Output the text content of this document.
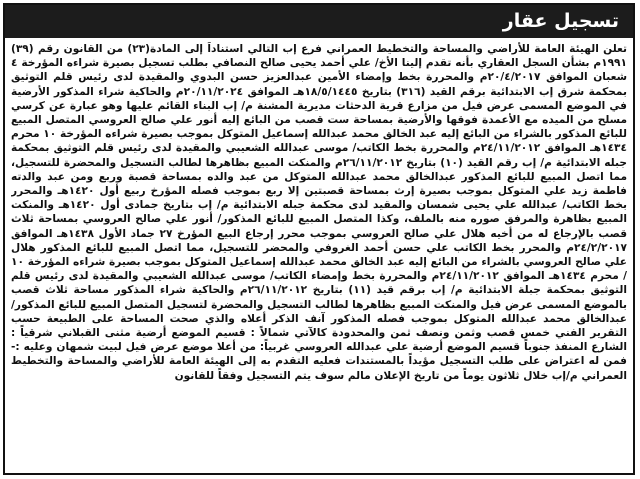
تسجيل عقار

تعلن الهيئة العامة للأراضي والمساحة والتخطيط العمراني فرع إب التالي استناداً إلى المادة(٢٣) من القانون رقم (٣٩) ١٩٩١م بشأن السجل العقاري بأنه تقدم إلينا الأخ/ علي أحمد يحيى صالح النصافي بطلب تسجيل بصيرة شراءه المؤرخة ٤ شعبان الموافق ٢٠/٤/٢٠١٧م والمحررة بخط وإمضاء الأمين عبدالعزيز حسن البدوي والمقيدة لدى رئيس قلم التوثيق بمحكمة شرق إب الابتدائية برقم القيد (٣١٦) بتاريخ ١٨/٥/١٤٤٥هـ الموافق ٢٠/١١/٢٠٢٤م والحاكية شراء المذكور الأرضية في الموضع المسمى عرض فيل من مزارع قرية الدحثات مديرية المشنة م/ إب البناء القائم عليها وهو عبارة عن كرسي مسلح من الميده مع الأعمدة فوقها والأرضية بمساحة ست قصب من البائع إليه أنور علي صالح العروسي المتصل المبيع للبائع المذكور بالشراء من البائع إليه عبد الخالق محمد عبدالله إسماعيل المتوكل بموجب بصيرة شراءه المؤرخة ١٠ محرم ١٤٣٤هـ الموافق ٢٤/١١/٢٠١٢م والمحررة بخط الكاتب/ موسى عبدالله الشعيبي والمقيدة لدى رئيس قلم التوثيق بمحكمة جبله الابتدائية م/ إب رقم القيد (١٠) بتاريخ ٢٦/١١/٢٠١٢م والمنكت المبيع بظاهرها لطالب التسجيل والمحضرة للتسجيل، مما اتصل المبيع للبائع المذكور عبدالخالق محمد عبدالله المتوكل من عبد والده بمساحة قصبة وربع ومن عبد والدته فاطمة زيد علي المتوكل بموجب بصيرة إرث بمساحة قصبتين إلا ربع بموجب فصله المؤرخ ربيع أول ١٤٢٠هـ والمحرر بخط الكاتب/ عبدالله علي يحيى شمسان والمقيد لدى محكمة جبله الابتدائية م/ إب بتاريخ جمادى أول ١٤٢٠هـ والمنكت المبيع بظاهرة والمرفق صوره منه بالملف، وكذا المتصل المبيع للبائع المذكور/ أنور علي صالح العروسي بمساحة ثلاث قصب بالإرجاع له من أخيه هلال علي صالح العروسي بموجب محرر إرجاع البيع المؤرخ ٢٧ جماد الأول ١٤٣٨هـ الموافق ٢٤/٢/٢٠١٧م والمحرر بخط الكاتب علي حسن أحمد الغروفي والمحضر للتسجيل، مما اتصل المبيع للبائع المذكور هلال علي صالح العروسي بالشراء من البائع إليه عبد الخالق محمد عبدالله إسماعيل المتوكل بموجب بصيرة شراءه المؤرخة ١٠ / محرم ١٤٣٤هـ الموافق ٢٤/١١/٢٠١٢م والمحررة بخط وإمضاء الكاتب/ موسى عبدالله الشعيبي والمقيدة لدى رئيس قلم التوثيق بمحكمة جبلة الابتدائية م/ إب برقم قيد (١١) بتاريخ ٢٦/١١/٢٠١٢م والحاكية شراء المذكور مساحة ثلاث قصب بالموضع المسمى عرض فيل والمنكت المبيع بظاهرها لطالب التسجيل والمحضرة لتسجيل المتصل المبيع للبائع المذكور/ عبدالخالق محمد عبدالله المتوكل بموجب فصله المذكور آنف الذكر أعلاه والذي صحت المساحة على الطبيعة حسب التقرير الفني خمس قصب وثمن ونصف ثمن والمحدودة كالآتي شمالاً : قسيم الموضع أرضية مثنى القبلاني شرقياً : الشارع المنفذ جنوباً قسيم الموضع أرضية علي عبدالله العروسي غربياً: من أعلا موضع عرض فيل لبيت شمهان وعليه :- فمن له اعتراض على طلب التسجيل مؤيداً بالمستندات فعليه التقدم به إلى الهيئة العامة للأراضي والمساحة والتخطيط العمراني م/إب خلال ثلاثون يوماً من تاريخ الإعلان مالم سوف يتم التسجيل وفقاً للقانون
